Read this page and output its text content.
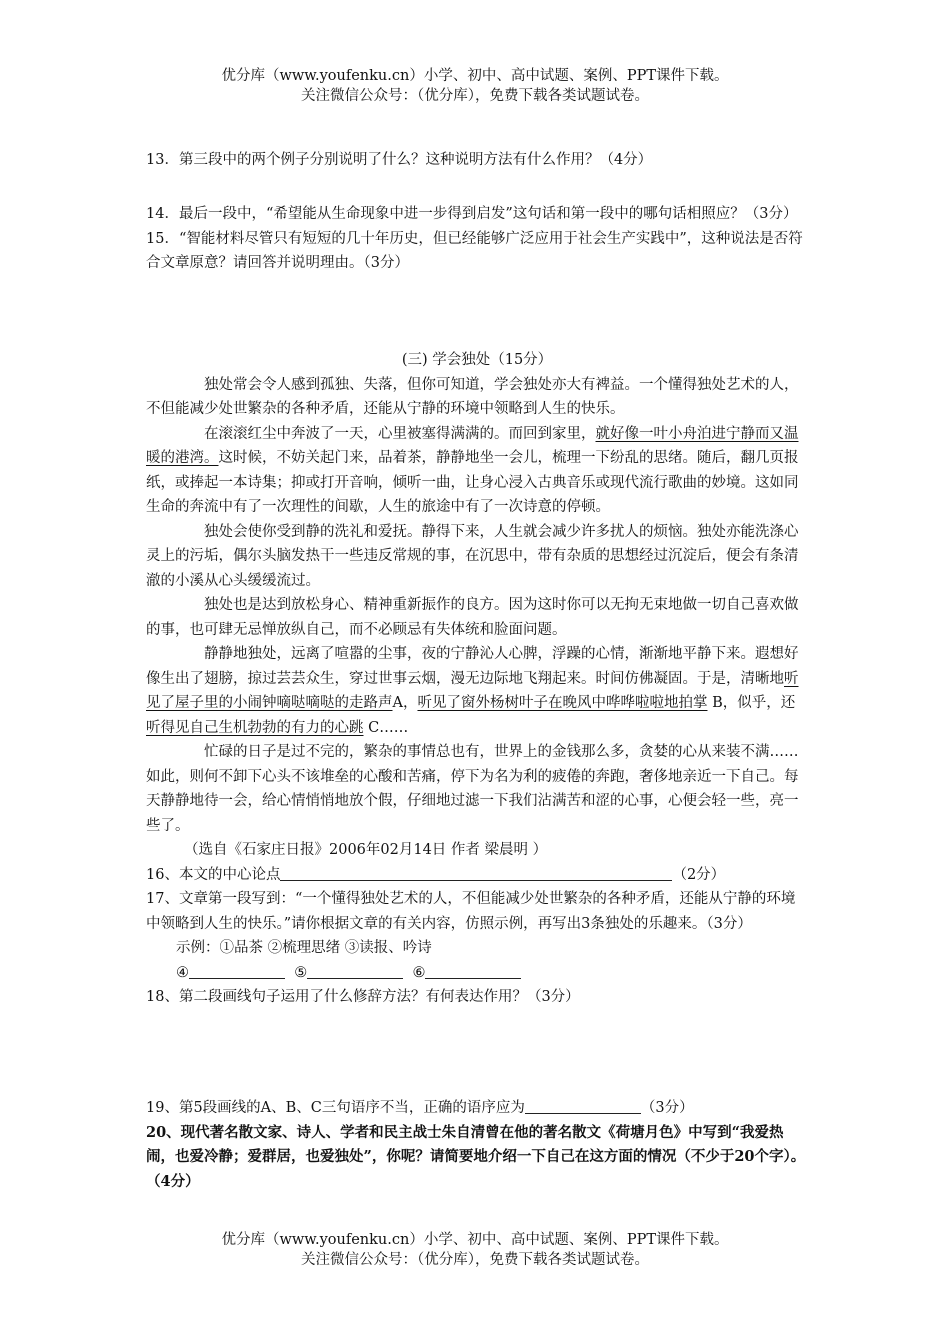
优分库（www.youfenku.cn）小学、初中、高中试题、案例、PPT课件下载。
关注微信公众号：（优分库），免费下载各类试题试卷。

13．第三段中的两个例子分别说明了什么？这种说明方法有什么作用？（4分）

14．最后一段中，“希望能从生命现象中进一步得到启发”这句话和第一段中的哪句话相照应？（3分）

15．“智能材料尽管只有短短的几十年历史，但已经能够广泛应用于社会生产实践中”，这种说法是否符合文章原意？请回答并说明理由。（3分）

(三) 学会独处（15分）

独处常会令人感到孤独、失落，但你可知道，学会独处亦大有裨益。一个懂得独处艺术的人，不但能减少处世繁杂的各种矛盾，还能从宁静的环境中领略到人生的快乐。

在滚滚红尘中奔波了一天，心里被塞得满满的。而回到家里，就好像一叶小舟泊进宁静而又温暖的港湾。这时候，不妨关起门来，品着茶，静静地坐一会儿，梳理一下纷乱的思绪。随后，翻几页报纸，或捧起一本诗集；抑或打开音响，倾听一曲，让身心浸入古典音乐或现代流行歌曲的妙境。这如同生命的奔流中有了一次理性的间歇，人生的旅途中有了一次诗意的停顿。

独处会使你受到静的洗礼和爱抚。静得下来，人生就会减少许多扰人的烦恼。独处亦能洗涤心灵上的污垢，偶尔头脑发热干一些违反常规的事，在沉思中，带有杂质的思想经过沉淀后，便会有条清澈的小溪从心头缓缓流过。

独处也是达到放松身心、精神重新振作的良方。因为这时你可以无拘无束地做一切自己喜欢做的事，也可肆无忌惮放纵自己，而不必顾忌有失体统和脸面问题。

静静地独处，远离了喧嚣的尘事，夜的宁静沁人心脾，浮躁的心情，渐渐地平静下来。遐想好像生出了翅膀，掠过芸芸众生，穿过世事云烟，漫无边际地飞翔起来。时间仿佛凝固。于是，清晰地听见了屋子里的小闹钟嘀哒嘀哒的走路声A，听见了窗外杨树叶子在晚风中哗哗啦啦地拍掌 B，似乎，还听得见自己生机勃勃的有力的心跳 C……

忙碌的日子是过不完的，繁杂的事情总也有，世界上的金钱那么多，贪婪的心从来装不满……如此，则何不卸下心头不该堆垒的心酸和苦痛，停下为名为利的疲倦的奔跑，奢侈地亲近一下自己。每天静静地待一会，给心情悄悄地放个假，仔细地过滤一下我们沾满苦和涩的心事，心便会轻一些，亮一些了。

（选自《石家庄日报》2006年02月14日 作者 梁晨明 ）

16、本文的中心论点	（2分）

17、文章第一段写到：“一个懂得独处艺术的人，不但能减少处世繁杂的各种矛盾，还能从宁静的环境中领略到人生的快乐。”请你根据文章的有关内容，仿照示例，再写出3条独处的乐趣来。（3分）

示例：①品茶 ②梳理思绪 ③读报、吟诗

④	⑤	⑥

18、第二段画线句子运用了什么修辞方法？有何表达作用？（3分）

19、第5段画线的A、B、C三句语序不当，正确的语序应为	（3分）

20、现代著名散文家、诗人、学者和民主战士朱自清曾在他的著名散文《荷塘月色》中写到“我爱热闹，也爱冷静；爱群居，也爱独处”，你呢？请简要地介绍一下自己在这方面的情况（不少于20个字）。（4分）

优分库（www.youfenku.cn）小学、初中、高中试题、案例、PPT课件下载。
关注微信公众号：（优分库），免费下载各类试题试卷。
